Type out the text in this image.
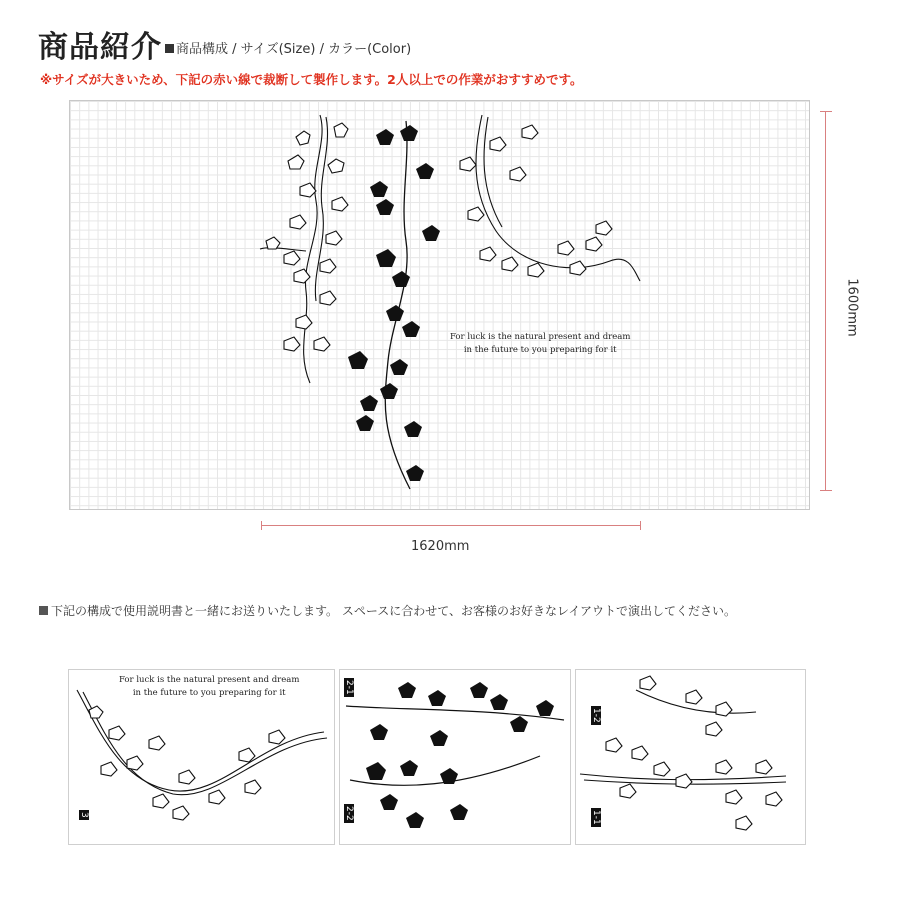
商品紹介	商品構成 / サイズ(Size) / カラー(Color)
※サイズが大きいため、下記の赤い線で裁断して製作します。2人以上での作業がおすすめです。
For luck is the natural present and dream
in the future to you preparing for it
1620mm
1600mm
下記の構成で使用説明書と一緒にお送りいたします。 スペースに合わせて、お客様のお好きなレイアウトで演出してください。
For luck is the natural present and dream
in the future to you preparing for it
3
2-1
2-2
1-2
1-1
